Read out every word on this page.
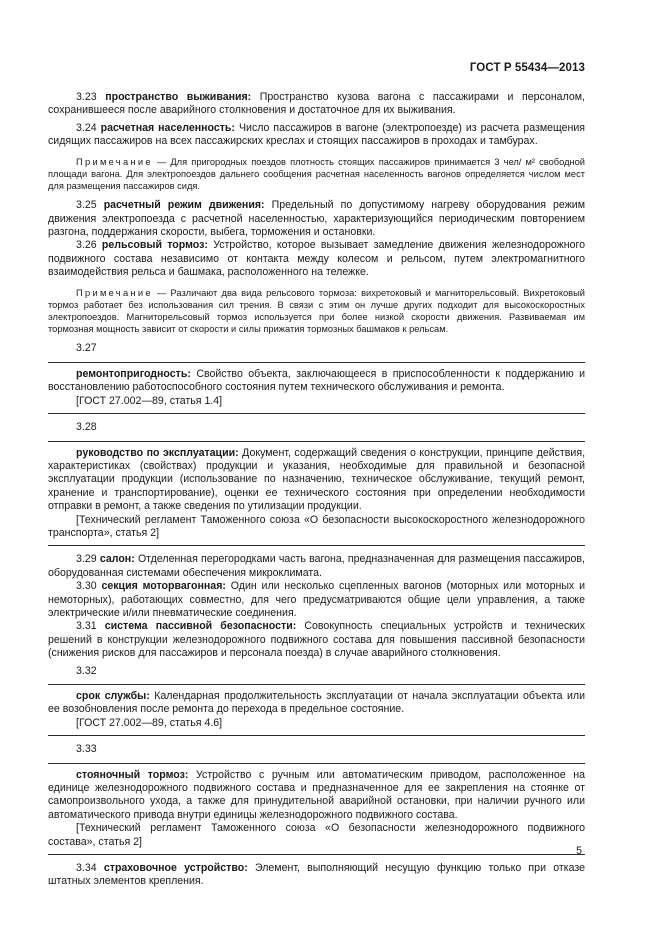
ГОСТ Р 55434—2013

3.23 пространство выживания: Пространство кузова вагона с пассажирами и персоналом, сохранившееся после аварийного столкновения и достаточное для их выживания.

3.24 расчетная населенность: Число пассажиров в вагоне (электропоезде) из расчета размещения сидящих пассажиров на всех пассажирских креслах и стоящих пассажиров в проходах и тамбурах.

Примечание — Для пригородных поездов плотность стоящих пассажиров принимается 3 чел/ м² свободной площади вагона. Для электропоездов дальнего сообщения расчетная населенность вагонов определяется числом мест для размещения пассажиров сидя.

3.25 расчетный режим движения: Предельный по допустимому нагреву оборудования режим движения электропоезда с расчетной населенностью, характеризующийся периодическим повторением разгона, поддержания скорости, выбега, торможения и остановки.

3.26 рельсовый тормоз: Устройство, которое вызывает замедление движения железнодорожного подвижного состава независимо от контакта между колесом и рельсом, путем электромагнитного взаимодействия рельса и башмака, расположенного на тележке.

Примечание — Различают два вида рельсового тормоза: вихретоковый и магниторельсовый. Вихретоковый тормоз работает без использования сил трения. В связи с этим он лучше других подходит для высокоскоростных электропоездов. Магниторельсовый тормоз используется при более низкой скорости движения. Развиваемая им тормозная мощность зависит от скорости и силы прижатия тормозных башмаков к рельсам.

3.27

ремонтопригодность: Свойство объекта, заключающееся в приспособленности к поддержанию и восстановлению работоспособного состояния путем технического обслуживания и ремонта.

[ГОСТ 27.002—89, статья 1.4]

3.28

руководство по эксплуатации: Документ, содержащий сведения о конструкции, принципе действия, характеристиках (свойствах) продукции и указания, необходимые для правильной и безопасной эксплуатации продукции (использование по назначению, техническое обслуживание, текущий ремонт, хранение и транспортирование), оценки ее технического состояния при определении необходимости отправки в ремонт, а также сведения по утилизации продукции.

[Технический регламент Таможенного союза «О безопасности высокоскоростного железнодорожного транспорта», статья 2]

3.29 салон: Отделенная перегородками часть вагона, предназначенная для размещения пассажиров, оборудованная системами обеспечения микроклимата.

3.30 секция моторвагонная: Один или несколько сцепленных вагонов (моторных или моторных и немоторных), работающих совместно, для чего предусматриваются общие цели управления, а также электрические и/или пневматические соединения.

3.31 система пассивной безопасности: Совокупность специальных устройств и технических решений в конструкции железнодорожного подвижного состава для повышения пассивной безопасности (снижения рисков для пассажиров и персонала поезда) в случае аварийного столкновения.

3.32

срок службы: Календарная продолжительность эксплуатации от начала эксплуатации объекта или ее возобновления после ремонта до перехода в предельное состояние.

[ГОСТ 27.002—89, статья 4.6]

3.33

стояночный тормоз: Устройство с ручным или автоматическим приводом, расположенное на единице железнодорожного подвижного состава и предназначенное для ее закрепления на стоянке от самопроизвольного ухода, а также для принудительной аварийной остановки, при наличии ручного или автоматического привода внутри единицы железнодорожного подвижного состава.

[Технический регламент Таможенного союза «О безопасности железнодорожного подвижного состава», статья 2]

3.34 страховочное устройство: Элемент, выполняющий несущую функцию только при отказе штатных элементов крепления.

5
